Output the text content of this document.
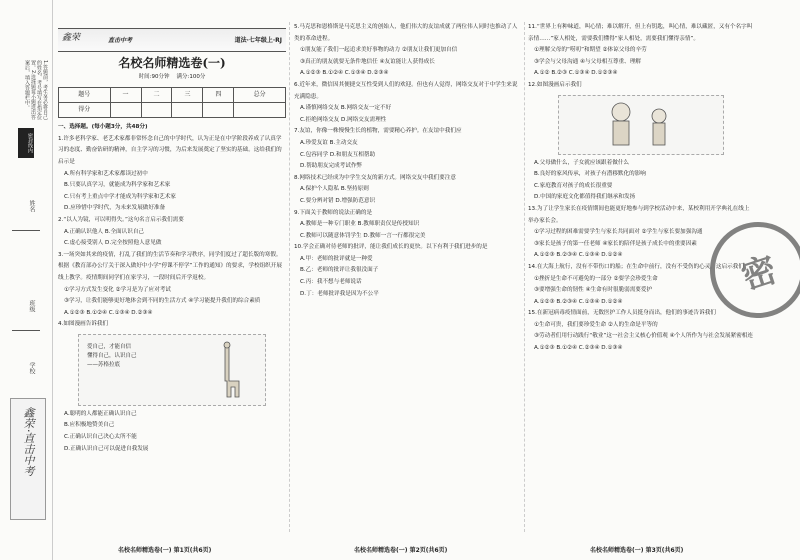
1.答题前，考生务必将自己的姓名、考号填写在指定位置。2.选择题每小题选出答案后，填入答题栏中。
密封线内
姓名
班级
学校
鑫荣·直击中考
鑫荣	直击中考	道法·七年级上·RJ
名校名师精选卷(一)
时间:90分钟 满分:100分
题号	一	二	三	四	总分
得分					
一、选择题。(每小题3分，共48分)
1.许多老科学家、老艺术家都非常怀念自己的中学时代，认为正是在中学阶段养成了认真学习的态度、勤奋钻研的精神，自主学习的习惯，为后来发展奠定了坚实的基础。这给我们的启示是
A.所有科学家和艺术家都读过初中
B.只要认真学习，就能成为科学家和艺术家
C.只有考上重点中学才能成为科学家和艺术家
D.应珍惜中学时代，为未来发展做好准备
2.“以人为镜，可以明得失。”这句名言启示我们需要
A.正确认识他人 B.全面认识自己
C.虚心接受别人 D.完全按照他人意见做
3.一场突如其来的疫情，打乱了我们的生活节奏和学习秩序，同学们度过了超长版的寒假。根据《教育部办公厅关于深入做好中小学“停课不停学”工作的通知》的要求，学校组织开展线上教学。疫情期间同学们在家学习，一段时间后开学返校。
①学习方式发生变化 ②学习是为了应对考试
③学习，让我们能够更好地体会到不同的生活方式 ④学习能提升我们的综合素质
A.①②③ B.①②④ C.①③④ D.②③④
4.如图漫画告诉我们
爱自己，才能自信
懂得自己，认识自己
——苏格拉底
A.聪明的人都能正确认识自己
B.应积极地赞美自己
C.正确认识自己决心太所不能
D.正确认识自己可以促进自我发展
5.马克思和恩格斯是马克思主义的创始人，他们伟大的友谊成就了两位伟人同时也推动了人类的革命进程。
①朋友能了我们一起追求美好事物的动力 ②朋友让我们更加自信
③真正的朋友就要无条件地信任 ④友谊能让人获得成长
A.①②③ B.①②④ C.①③④ D.②③④
6.近年来，微信因其便捷交互性受到人们的欢迎。但也有人觉得，网络交友对于中学生来说充满隐患。
A.谨慎网络交友 B.网络交友一定不好
C.拒绝网络交友 D.网络交友需理性
7.友谊，你像一株慢慢生长的植物，需要精心养护。在友谊中我们应
A.珍爱友谊 B.主动交友
C.包容同学 D.和朋友互相帮助
D.帮助朋友完成考试作弊
8.网络技术已经成为中学生交友的新方式。网络交友中我们要注意
A.保护个人隐私 B.坚持原则
C.要分辨对错 D.增强防范意识
9.下面关于教师的说法正确的是
A.教师是一种专门职业 B.教师职责仅是传授知识
C.教师可以随意体罚学生 D.教师一言一行都很完美
10.学会正确对待老师的批评，能让我们成长的更快。以下有利于我们进步的是
A.甲：老师的批评就是一种爱
B.乙：老师的批评让我很没面子
C.丙：我不想与老师说话
D.丁：老师批评我是因为不公平
11.“世界上有种味道，叫心情；难以解开，但上有钥匙，叫心情，难以藏匿，又有个名字叫亲情……”家人相处，需要我们懂得“家人相处，需要我们懂得亲情”。
①理解父母的“唠叨”和期望 ②体谅父母的辛劳
③学会与父母沟通 ④与父母相互尊重、理解
A.①② B.②③ C.①③④ D.①②③④
12.如图漫画启示我们
A.父母做什么，子女就应该跟着做什么
B.良好的家风传承，对孩子有潜移默化的影响
C.家庭教育对孩子的成长很重要
D.中国的家庭文化都值得我们继承和发扬
13.为了让学生家长在疫情期间也能更好地参与到学校活动中来，某校利用开学典礼在线上举办家长会。
①学习过程的困难需要学生与家长共同面对 ②学生与家长要加强沟通
③家长是孩子的第一任老师 ④家长的陪伴是孩子成长中的重要因素
A.①②③ B.②③④ C.①③④ D.①②④
14.在大海上航行，没有不带伤口的船；在生命中前行，没有不受伤的心灵。这启示我们
①挫折是生命不可避免的一部分 ②要学会珍爱生命
③要增强生命的韧性 ④生命有时很脆弱需要爱护
A.①②③ B.②③④ C.①③④ D.①②④
15.在新冠病毒疫情面前，无数医护工作人员挺身而出，他们的事迹告诉我们
①生命可贵，我们要珍爱生命 ②人的生命是平等的
③劳动者们用行动践行“敬业”这一社会主义核心价值观 ④个人所作为与社会发展紧密相连
A.①②③ B.①②④ C.②③④ D.①③④
密
名校名师精选卷(一) 第1页(共6页)	名校名师精选卷(一) 第2页(共6页)	名校名师精选卷(一) 第3页(共6页)
